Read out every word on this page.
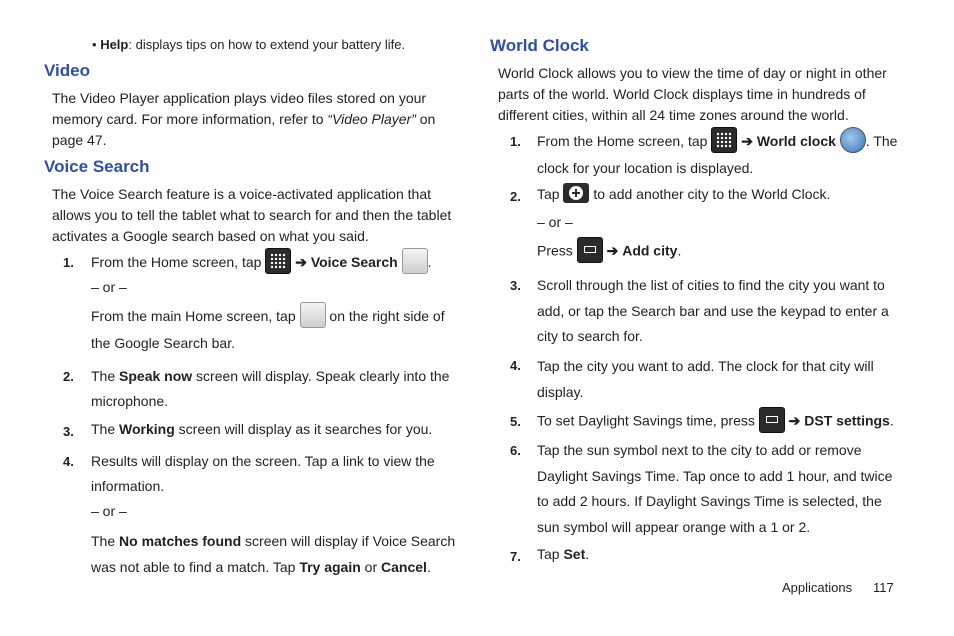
• Help: displays tips on how to extend your battery life.
Video
The Video Player application plays video files stored on your
memory card. For more information, refer to “Video Player” on
page 47.
Voice Search
The Voice Search feature is a voice-activated application that
allows you to tell the tablet what to search for and then the tablet
activates a Google search based on what you said.
1. From the Home screen, tap  ➔ Voice Search .
– or –
From the main Home screen, tap  on the right side of
the Google Search bar.
2. The Speak now screen will display. Speak clearly into the
microphone.
3. The Working screen will display as it searches for you.
4. Results will display on the screen. Tap a link to view the
information.
– or –
The No matches found screen will display if Voice Search
was not able to find a match. Tap Try again or Cancel.
World Clock
World Clock allows you to view the time of day or night in other
parts of the world. World Clock displays time in hundreds of
different cities, within all 24 time zones around the world.
1. From the Home screen, tap  ➔ World clock . The
clock for your location is displayed.
2. Tap  to add another city to the World Clock.
– or –
Press  ➔ Add city.
3. Scroll through the list of cities to find the city you want to
add, or tap the Search bar and use the keypad to enter a
city to search for.
4. Tap the city you want to add. The clock for that city will
display.
5. To set Daylight Savings time, press  ➔ DST settings.
6. Tap the sun symbol next to the city to add or remove
Daylight Savings Time. Tap once to add 1 hour, and twice
to add 2 hours. If Daylight Savings Time is selected, the
sun symbol will appear orange with a 1 or 2.
7. Tap Set.
Applications 117
